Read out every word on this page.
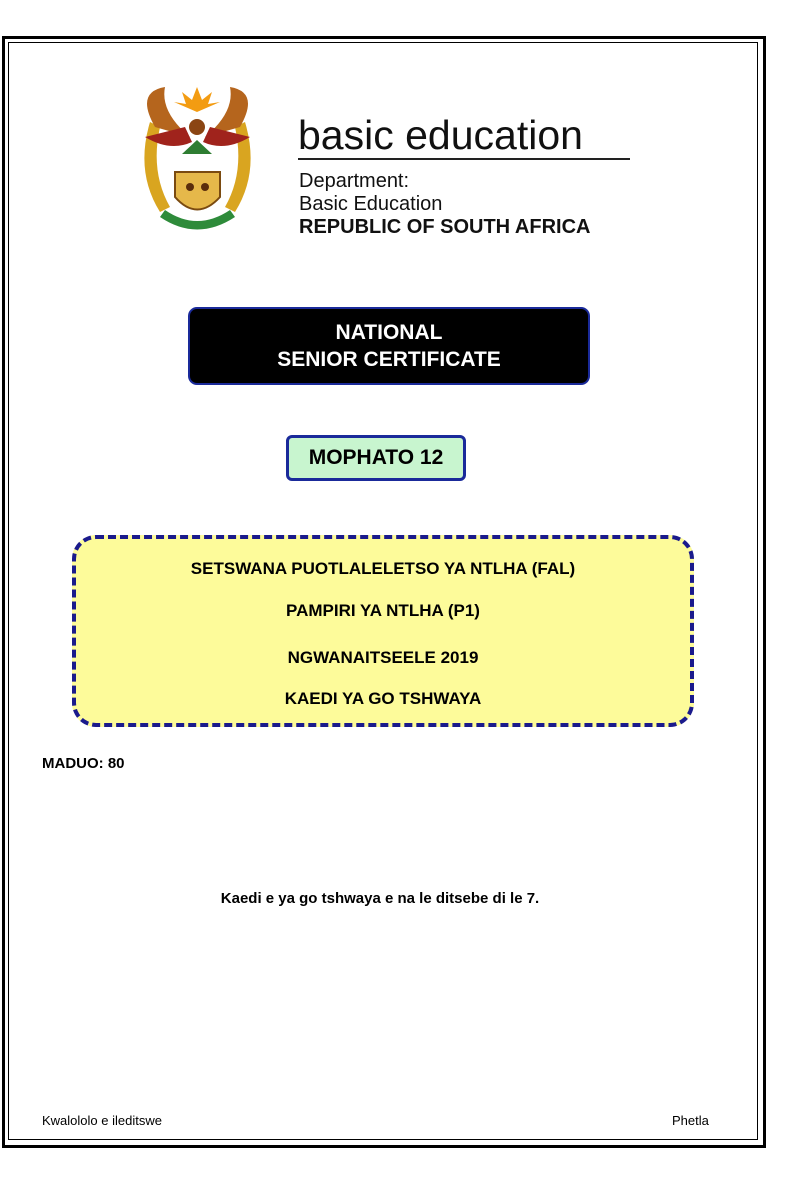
basic education
Department:
Basic Education
REPUBLIC OF SOUTH AFRICA
NATIONAL
SENIOR CERTIFICATE
MOPHATO 12
SETSWANA PUOTLALELETSO YA NTLHA (FAL)
PAMPIRI YA NTLHA (P1)
NGWANAITSEELE 2019
KAEDI YA GO TSHWAYA
MADUO: 80
Kaedi e ya go tshwaya e na le ditsebe di le 7.
Kwalololo e ileditswe	Phetla
